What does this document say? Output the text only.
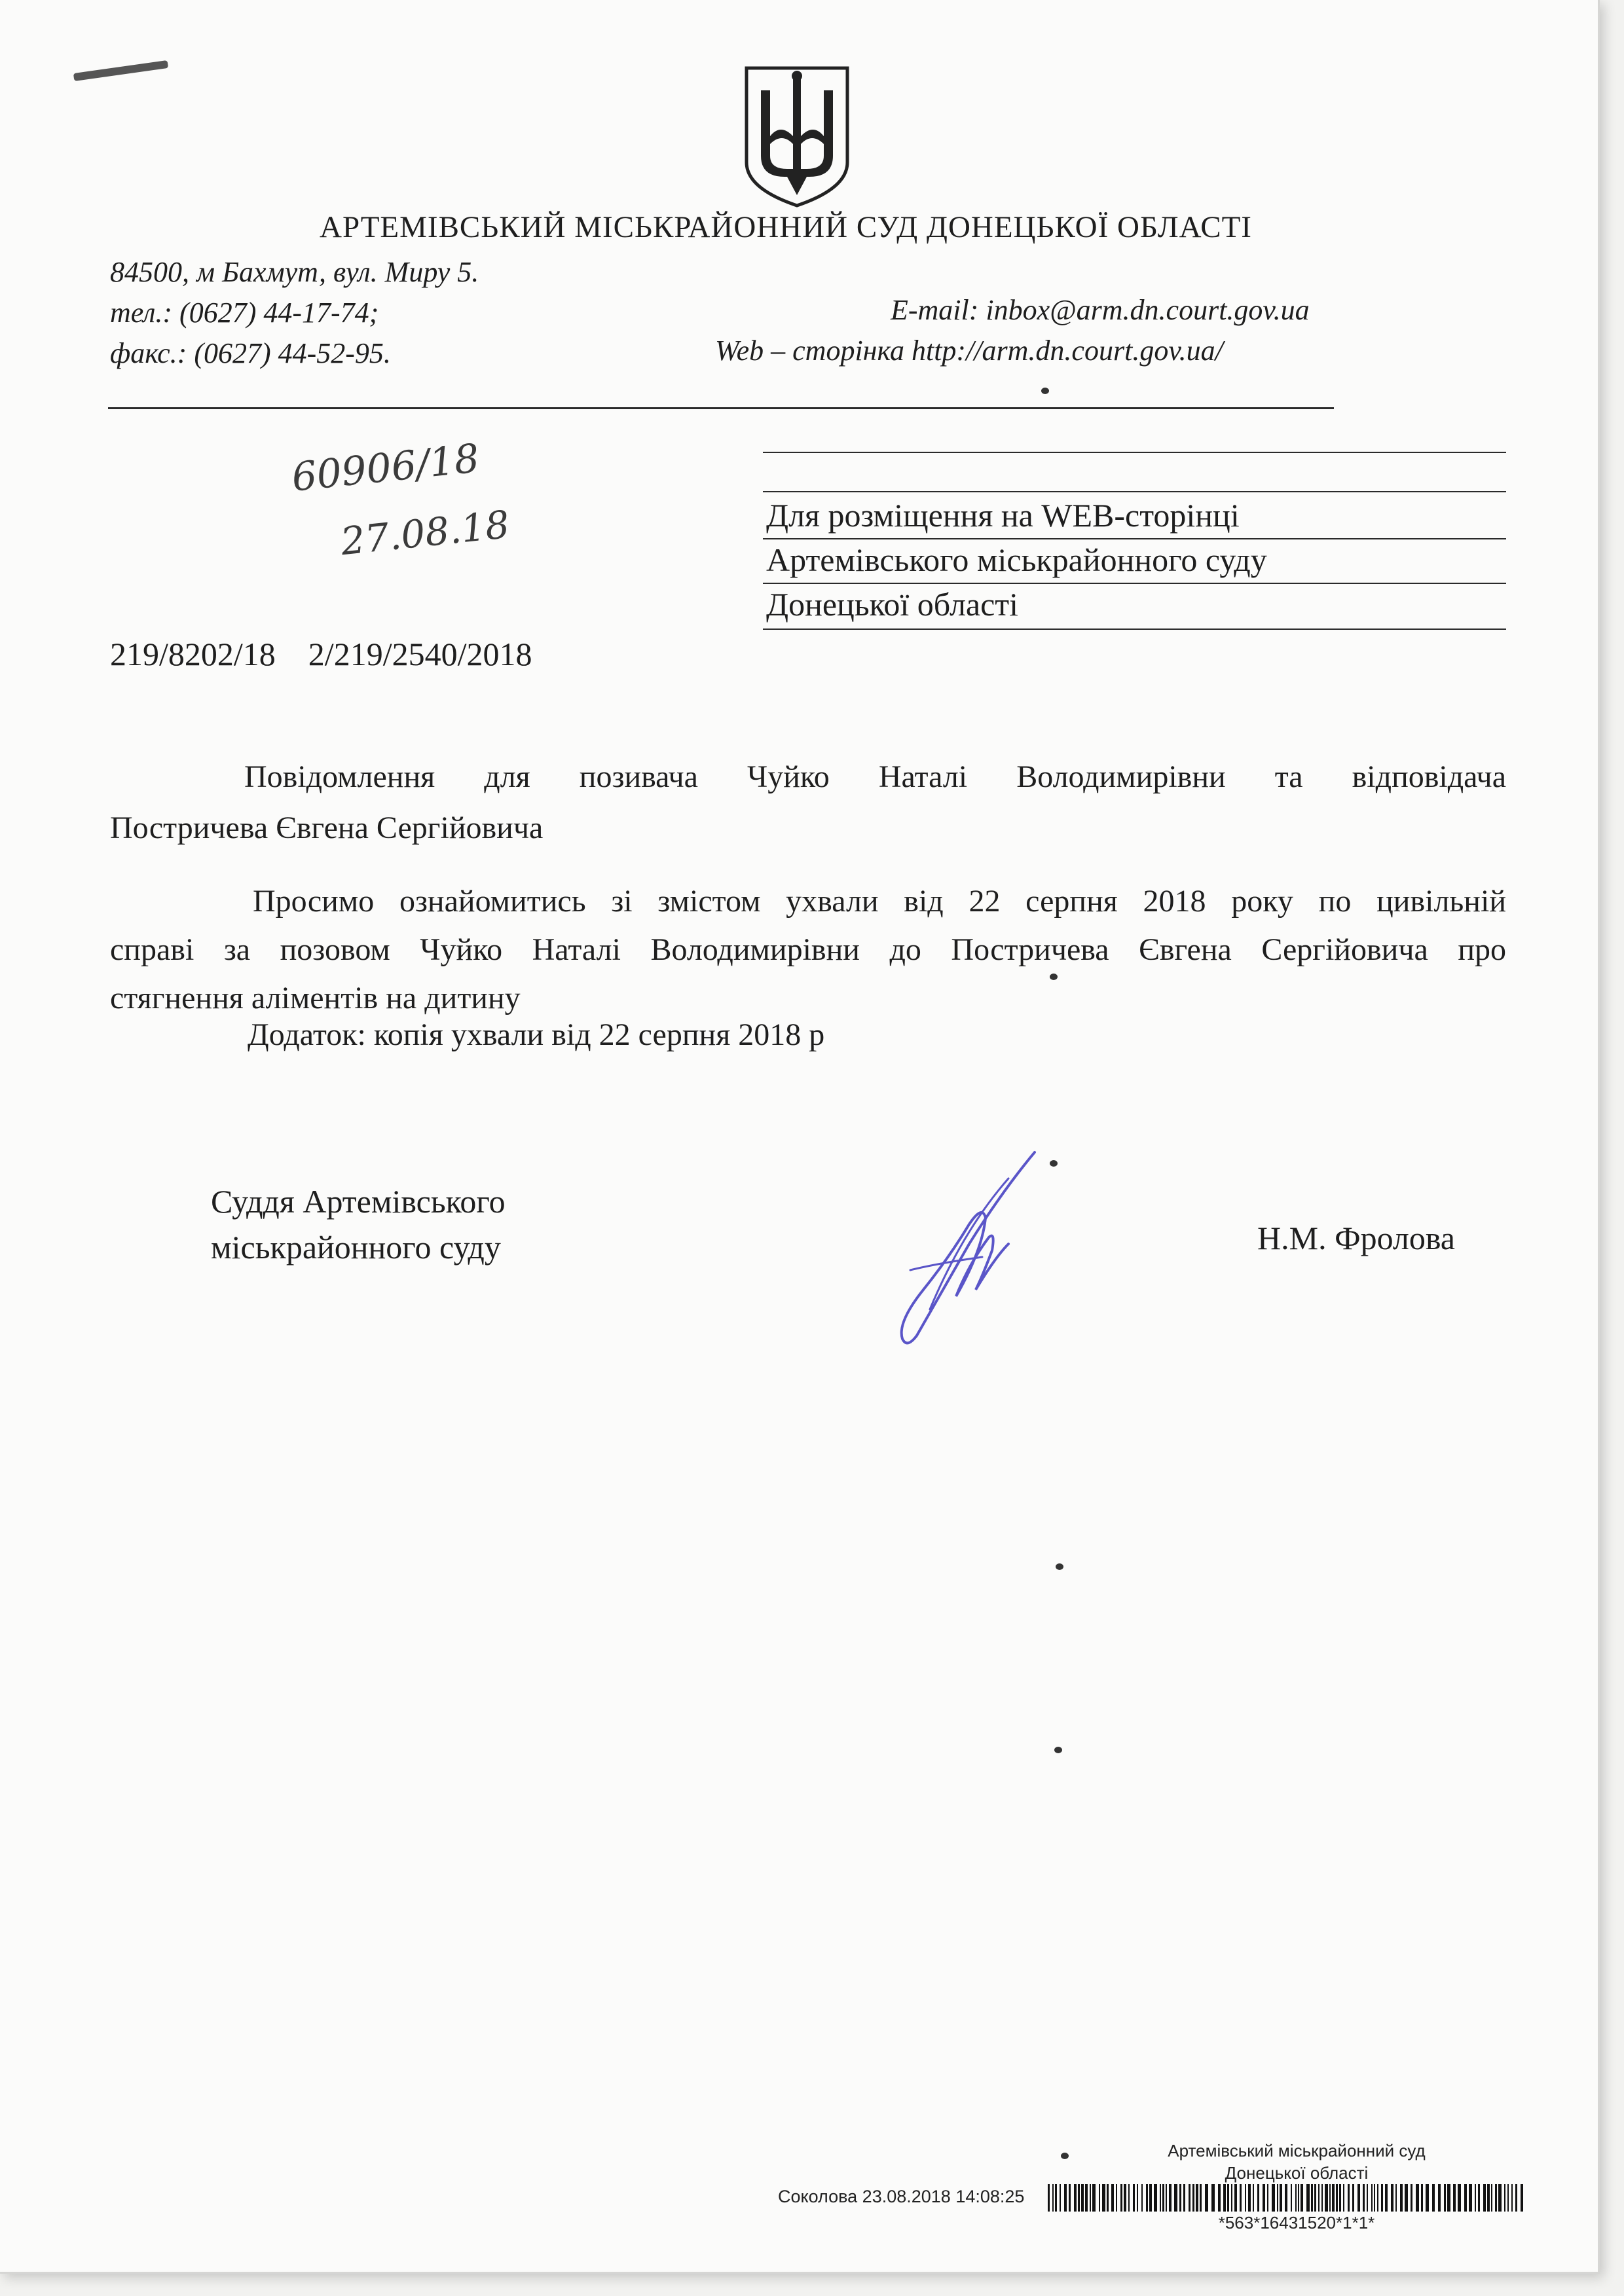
АРТЕМІВСЬКИЙ МІСЬКРАЙОННИЙ СУД ДОНЕЦЬКОЇ ОБЛАСТІ
84500, м Бахмут, вул. Миру 5.
тел.: (0627) 44-17-74;
факс.: (0627) 44-52-95.
E-mail: inbox@arm.dn.court.gov.ua
Web – сторінка http://arm.dn.court.gov.ua/
60906/18
27.08.18	Для розміщення на WEB-сторінці
Артемівського міськрайонного суду
Донецької області
219/8202/18 2/219/2540/2018
Повідомлення для позивача Чуйко Наталі Володимирівни та відповідача
Постричева Євгена Сергійовича
Просимо ознайомитись зі змістом ухвали від 22 серпня 2018 року по цивільній
справі за позовом Чуйко Наталі Володимирівни до Постричева Євгена Сергійовича про
стягнення аліментів на дитину
Додаток: копія ухвали від 22 серпня 2018 р
Суддя Артемівського
міськрайонного суду	Н.М. Фролова
Артемівський міськрайонний суд
Донецької області
Соколова 23.08.2018 14:08:25
*563*16431520*1*1*
